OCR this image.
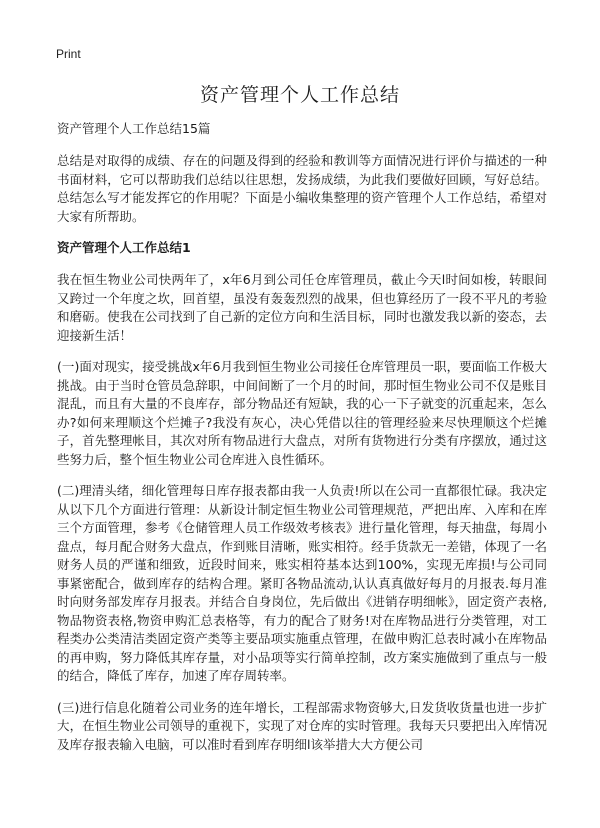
Print
资产管理个人工作总结

资产管理个人工作总结15篇

总结是对取得的成绩、存在的问题及得到的经验和教训等方面情况进行评价与描述的一种书面材料，它可以帮助我们总结以往思想，发扬成绩，为此我们要做好回顾，写好总结。总结怎么写才能发挥它的作用呢？下面是小编收集整理的资产管理个人工作总结，希望对大家有所帮助。

资产管理个人工作总结1

我在恒生物业公司快两年了，x年6月到公司任仓库管理员，截止今天l时间如梭，转眼间又跨过一个年度之坎，回首望，虽没有轰轰烈烈的战果，但也算经历了一段不平凡的考验和磨砺。使我在公司找到了自己新的定位方向和生活目标，同时也激发我以新的姿态，去迎接新生活！

(一)面对现实，接受挑战x年6月我到恒生物业公司接任仓库管理员一职，要面临工作极大挑战。由于当时仓管员急辞职，中间间断了一个月的时间，那时恒生物业公司不仅是账目混乱，而且有大量的不良库存，部分物品还有短缺，我的心一下子就变的沉重起来，怎么办?如何来理顺这个烂摊子?我没有灰心，决心凭借以往的管理经验来尽快理顺这个烂摊子，首先整理帐目，其次对所有物品进行大盘点，对所有货物进行分类有序摆放，通过这些努力后，整个恒生物业公司仓库进入良性循环。

(二)理清头绪，细化管理每日库存报表都由我一人负责!所以在公司一直都很忙碌。我决定从以下几个方面进行管理：从新设计制定恒生物业公司管理规范，严把出库、入库和在库三个方面管理，参考《仓储管理人员工作级效考核表》进行量化管理，每天抽盘，每周小盘点，每月配合财务大盘点，作到账目清晰，账实相符。经手货款无一差错，体现了一名财务人员的严谨和细致，近段时间来，账实相符基本达到100%，实现无库损!与公司同事紧密配合，做到库存的结构合理。紧盯各物品流动,认认真真做好每月的月报表.每月准时向财务部发库存月报表。并结合自身岗位，先后做出《进销存明细帐》，固定资产表格,物品物资表格,物资申购汇总表格等，有力的配合了财务!对在库物品进行分类管理，对工程类办公类清洁类固定资产类等主要品项实施重点管理，在做申购汇总表时减小在库物品的再申购，努力降低其库存量，对小品项等实行简单控制，改方案实施做到了重点与一般的结合，降低了库存，加速了库存周转率。

(三)进行信息化随着公司业务的连年增长，工程部需求物资够大,日发货收货量也进一步扩大，在恒生物业公司领导的重视下，实现了对仓库的实时管理。我每天只要把出入库情况及库存报表输入电脑，可以准时看到库存明细l该举措大大方便公司
